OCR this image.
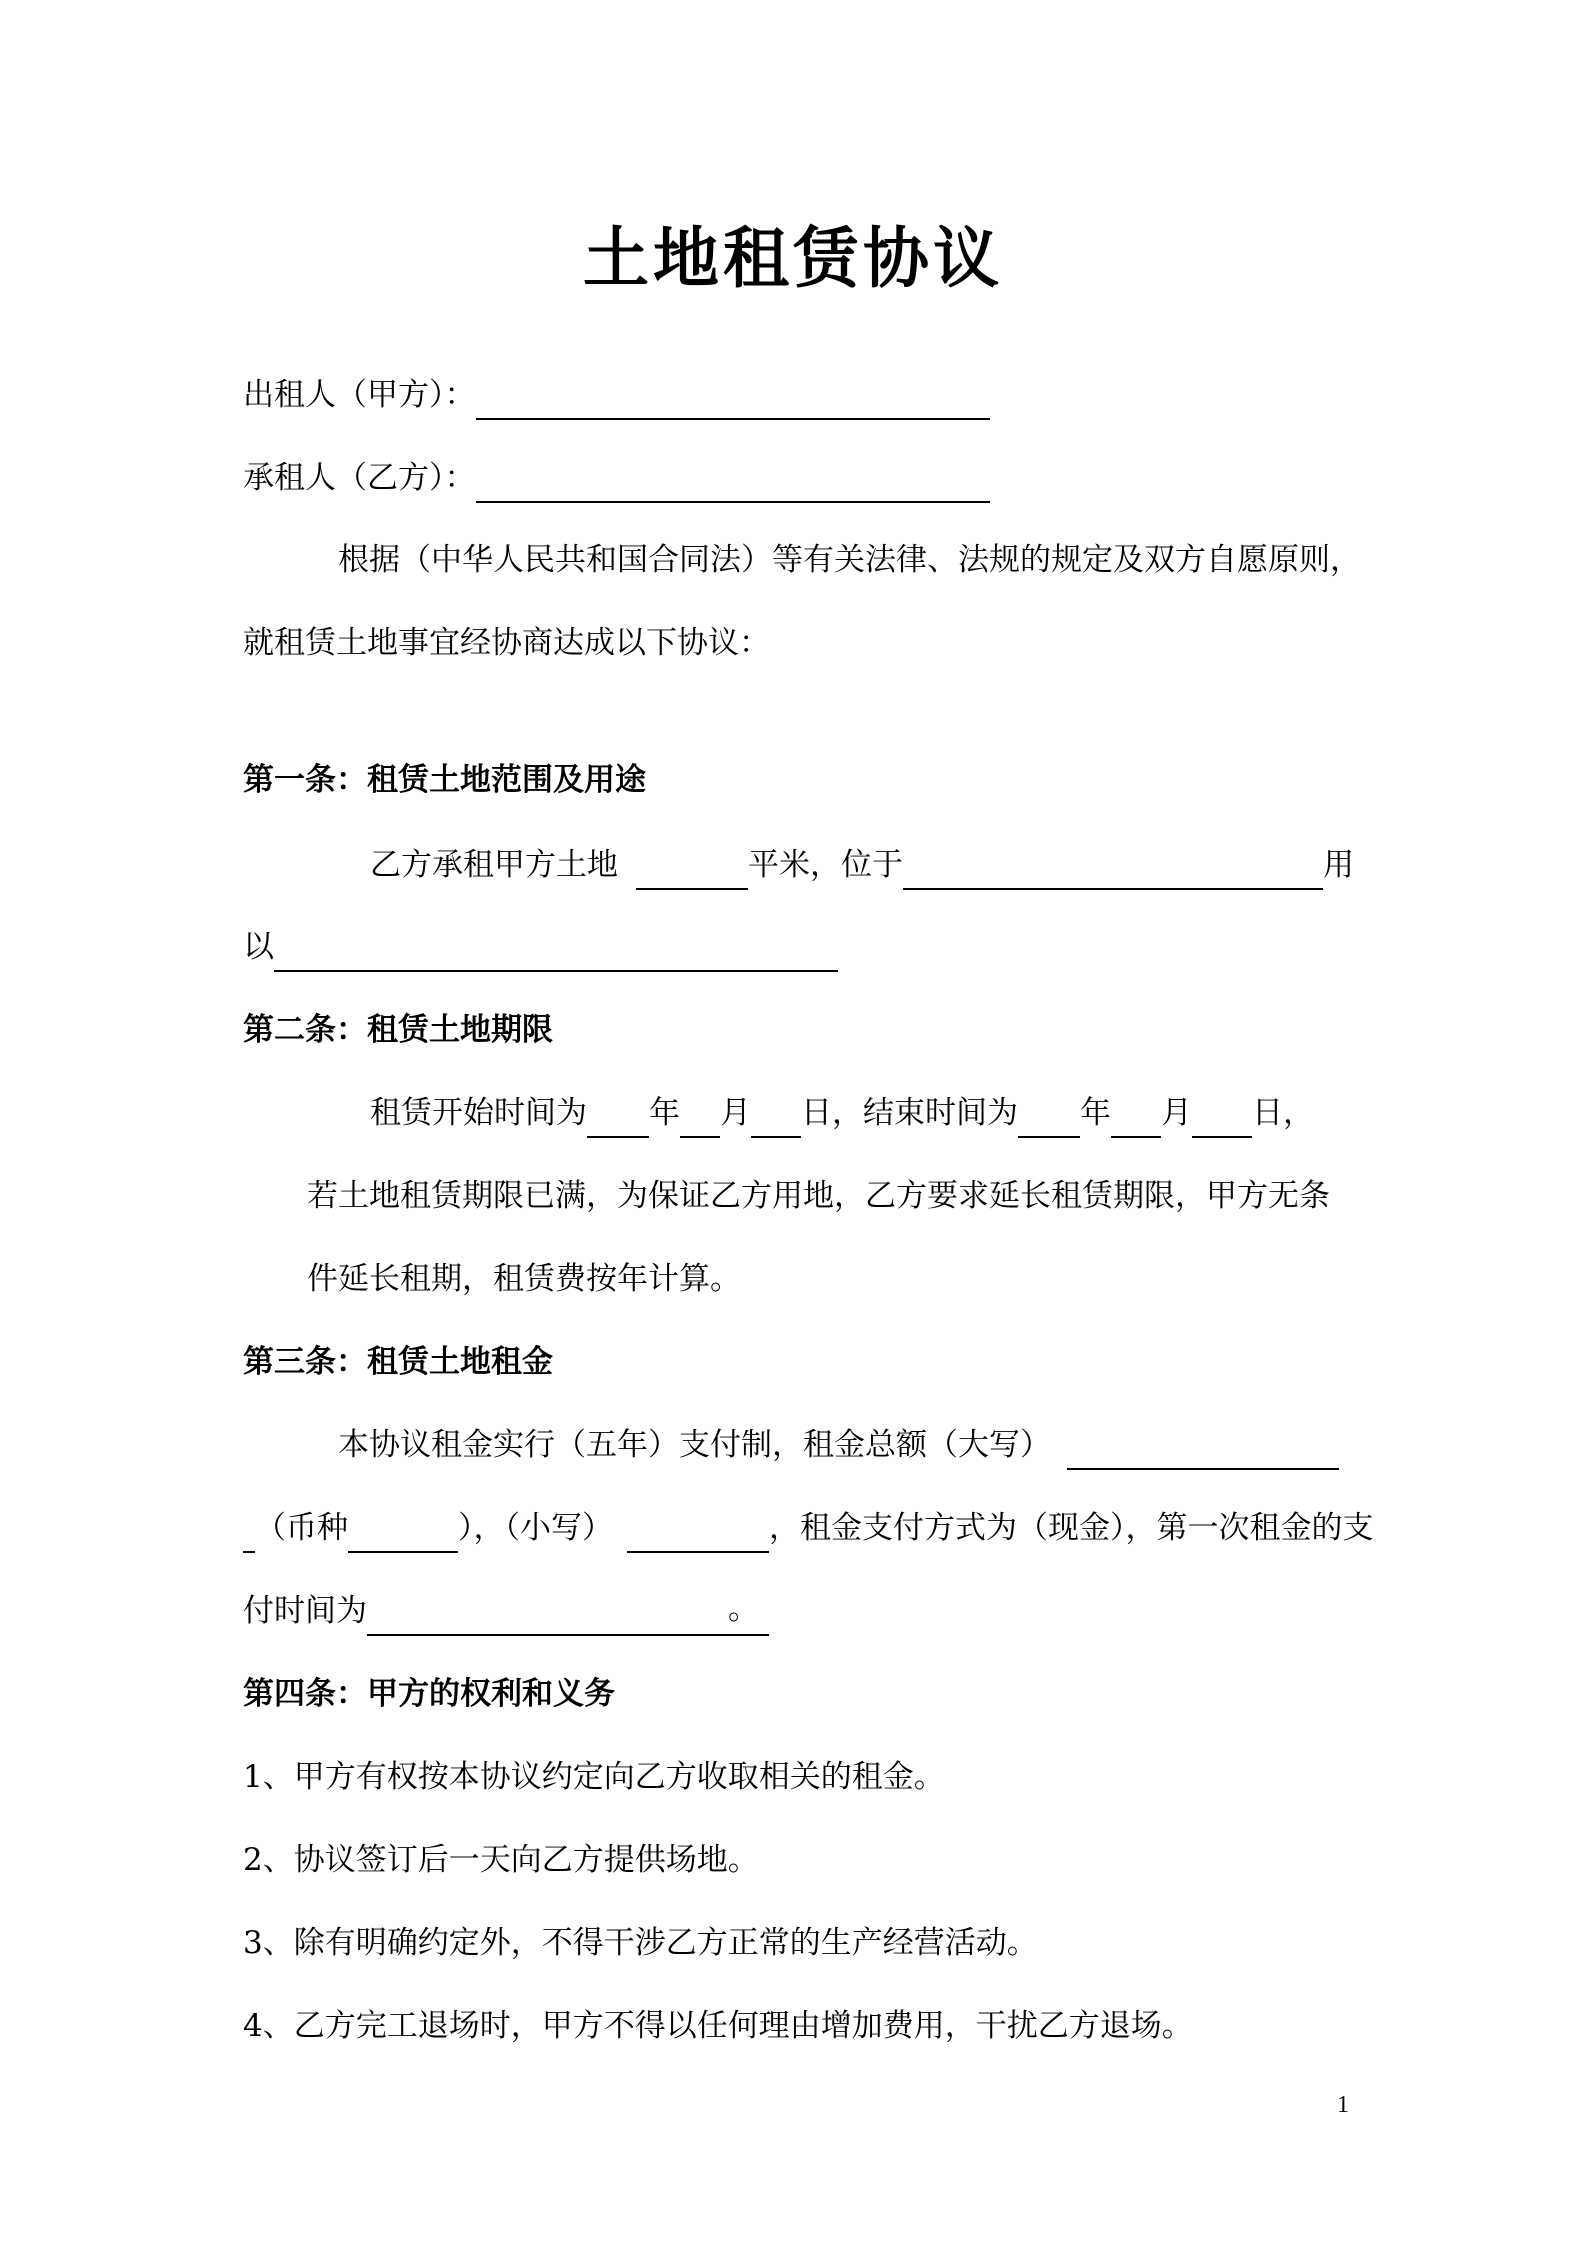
土地租赁协议
出租人（甲方）：
承租人（乙方）：
根据（中华人民共和国合同法）等有关法律、法规的规定及双方自愿原则，
就租赁土地事宜经协商达成以下协议：
第一条：租赁土地范围及用途
乙方承租甲方土地	平米，位于	用
以
第二条：租赁土地期限
租赁开始时间为 年 月 日，结束时间为 年 月 日，
若土地租赁期限已满，为保证乙方用地，乙方要求延长租赁期限，甲方无条
件延长租期，租赁费按年计算。
第三条：租赁土地租金
本协议租金实行（五年）支付制，租金总额（大写）
（币种	），（小写）	，租金支付方式为（现金），第一次租金的支
付时间为	。
第四条：甲方的权利和义务
1 、甲方有权按本协议约定向乙方收取相关的租金。
2 、协议签订后一天向乙方提供场地。
3 、除有明确约定外，不得干涉乙方正常的生产经营活动。
4 、乙方完工退场时，甲方不得以任何理由增加费用，干扰乙方退场。
1
